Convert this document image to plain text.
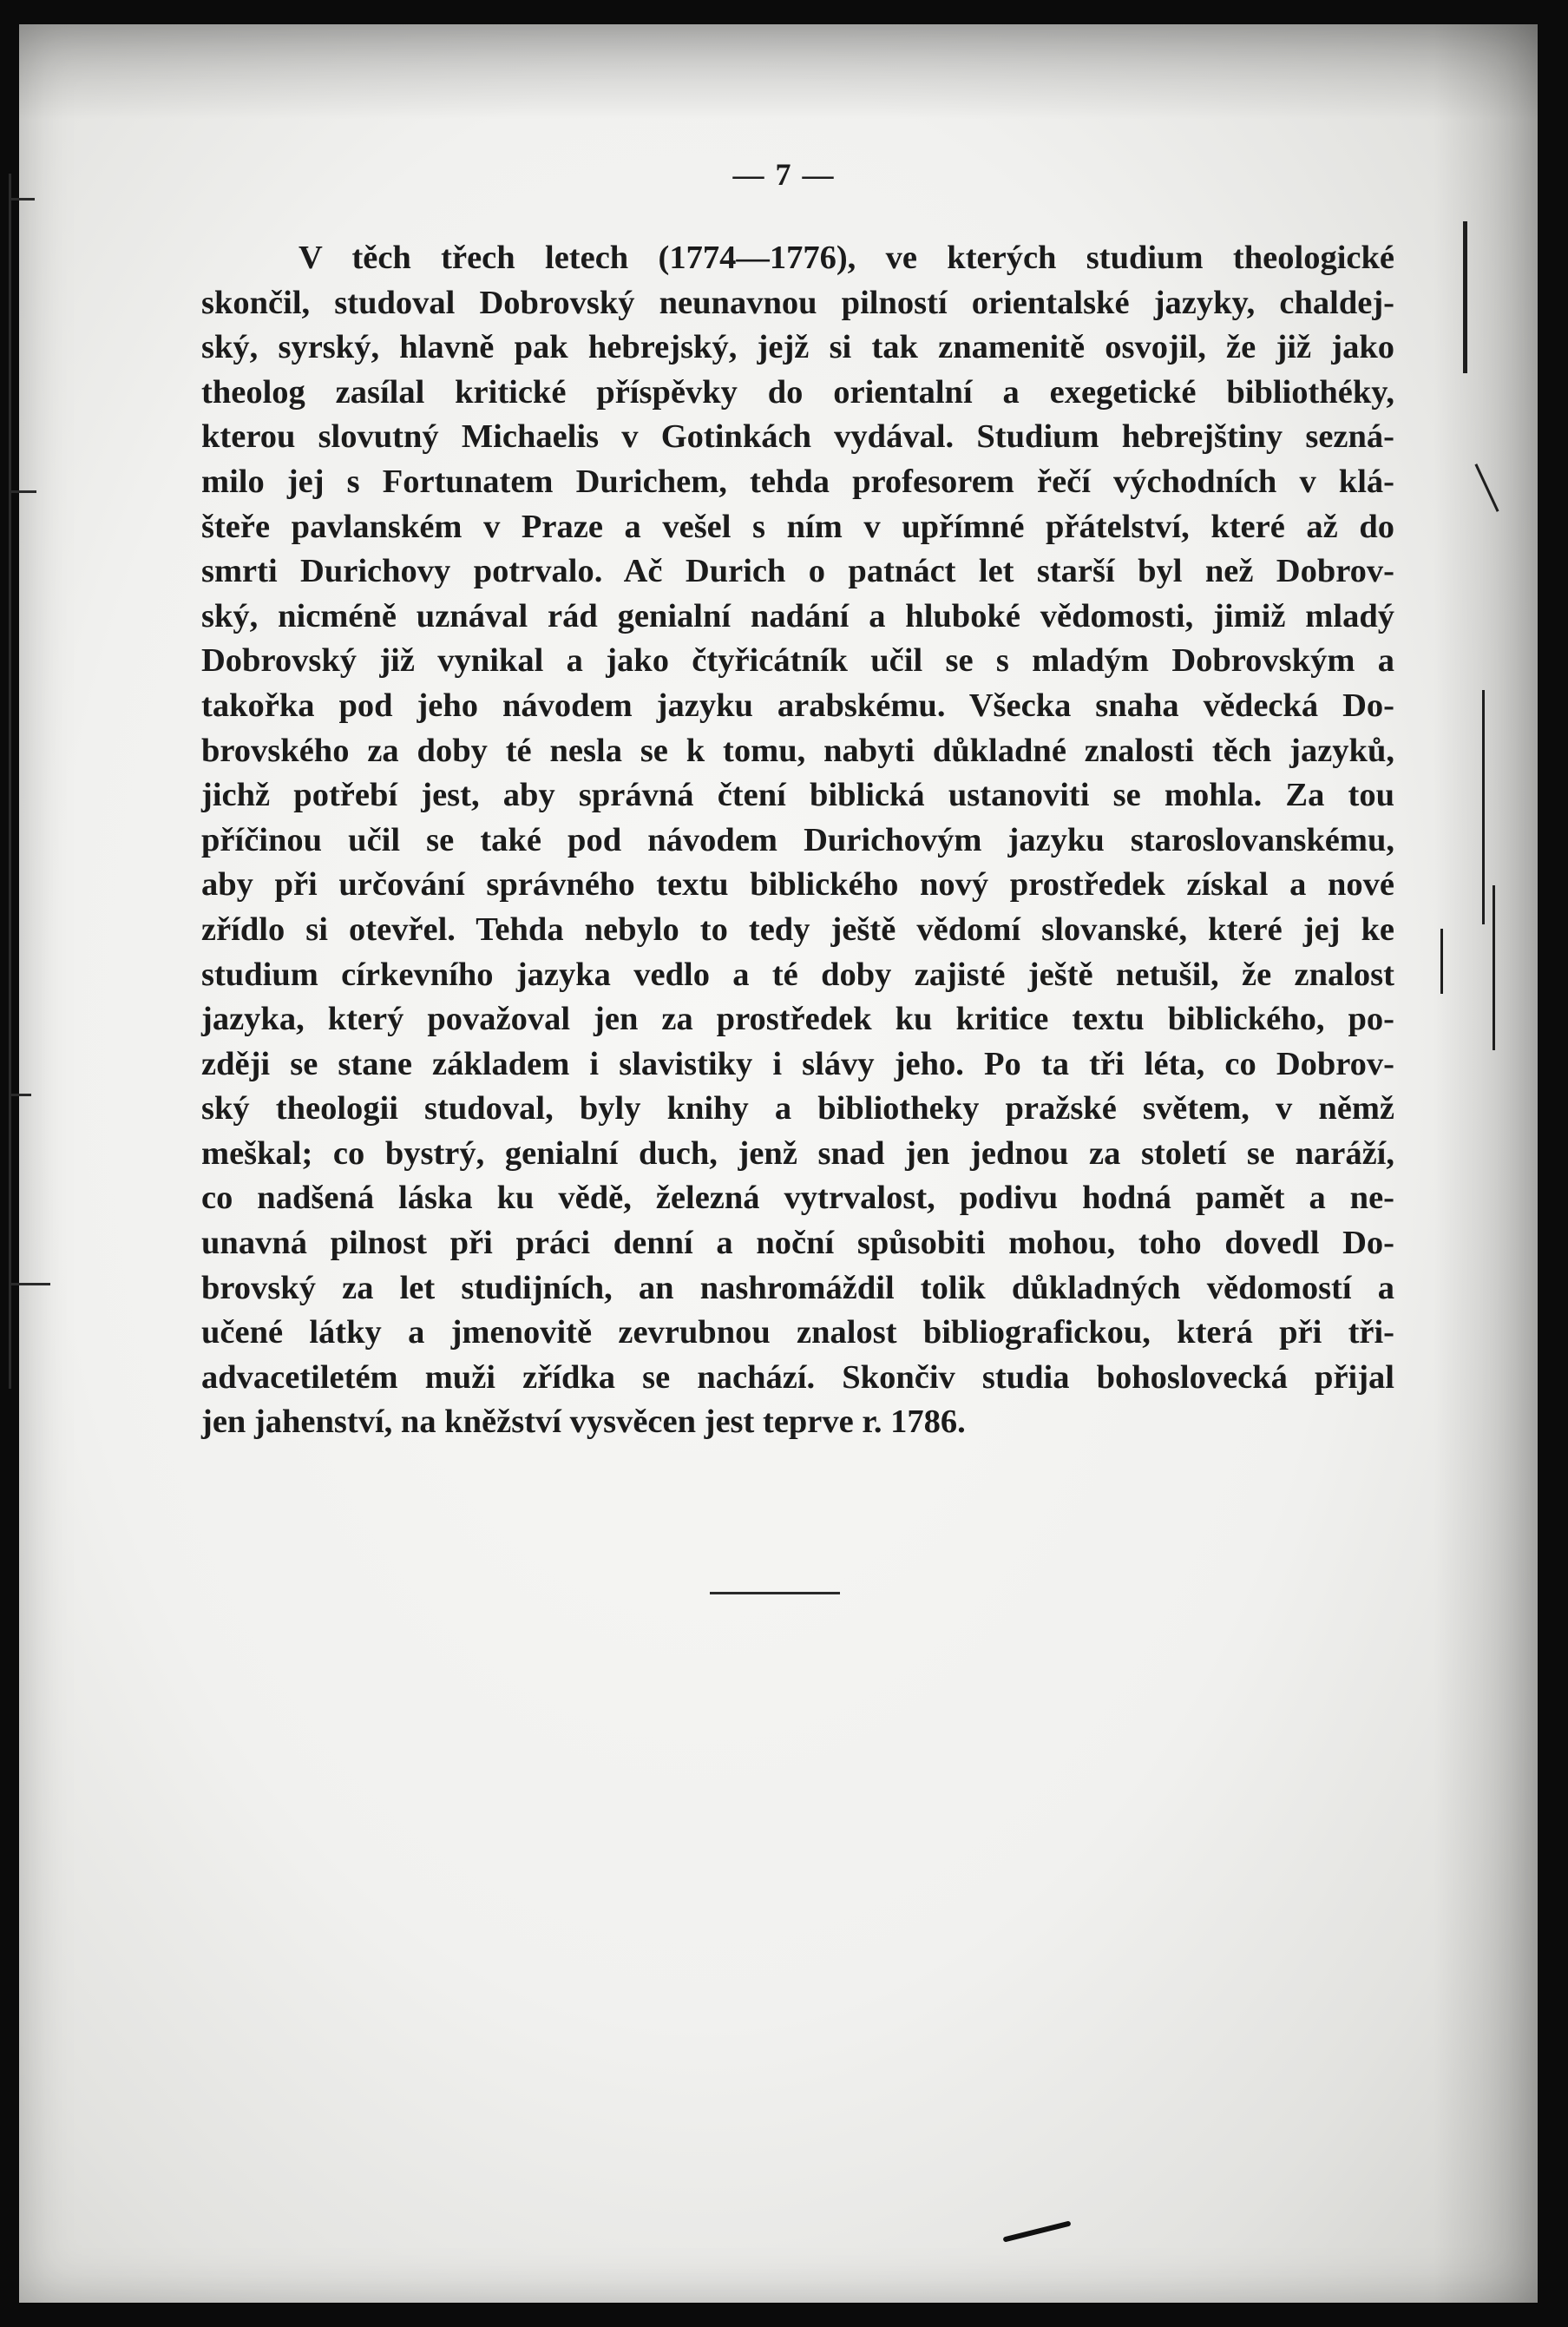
— 7 —
V těch třech letech (1774—1776), ve kterých studium theologické
skončil, studoval Dobrovský neunavnou pilností orientalské jazyky, chaldej-
ský, syrský, hlavně pak hebrejský, jejž si tak znamenitě osvojil, že již jako
theolog zasílal kritické příspěvky do orientalní a exegetické bibliothéky,
kterou slovutný Michaelis v Gotinkách vydával. Studium hebrejštiny sezná-
milo jej s Fortunatem Durichem, tehda profesorem řečí východních v klá-
šteře pavlanském v Praze a vešel s ním v upřímné přátelství, které až do
smrti Durichovy potrvalo. Ač Durich o patnáct let starší byl než Dobrov-
ský, nicméně uznával rád genialní nadání a hluboké vědomosti, jimiž mladý
Dobrovský již vynikal a jako čtyřicátník učil se s mladým Dobrovským a
takořka pod jeho návodem jazyku arabskému. Všecka snaha vědecká Do-
brovského za doby té nesla se k tomu, nabyti důkladné znalosti těch jazyků,
jichž potřebí jest, aby správná čtení biblická ustanoviti se mohla. Za tou
příčinou učil se také pod návodem Durichovým jazyku staroslovanskému,
aby při určování správného textu biblického nový prostředek získal a nové
zřídlo si otevřel. Tehda nebylo to tedy ještě vědomí slovanské, které jej ke
studium církevního jazyka vedlo a té doby zajisté ještě netušil, že znalost
jazyka, který považoval jen za prostředek ku kritice textu biblického, po-
zději se stane základem i slavistiky i slávy jeho. Po ta tři léta, co Dobrov-
ský theologii studoval, byly knihy a bibliotheky pražské světem, v němž
meškal; co bystrý, genialní duch, jenž snad jen jednou za století se naráží,
co nadšená láska ku vědě, železná vytrvalost, podivu hodná pamět a ne-
unavná pilnost při práci denní a noční spůsobiti mohou, toho dovedl Do-
brovský za let studijních, an nashromáždil tolik důkladných vědomostí a
učené látky a jmenovitě zevrubnou znalost bibliografickou, která při tři-
advacetiletém muži zřídka se nachází. Skončiv studia bohoslovecká přijal
jen jahenství, na kněžství vysvěcen jest teprve r. 1786.
